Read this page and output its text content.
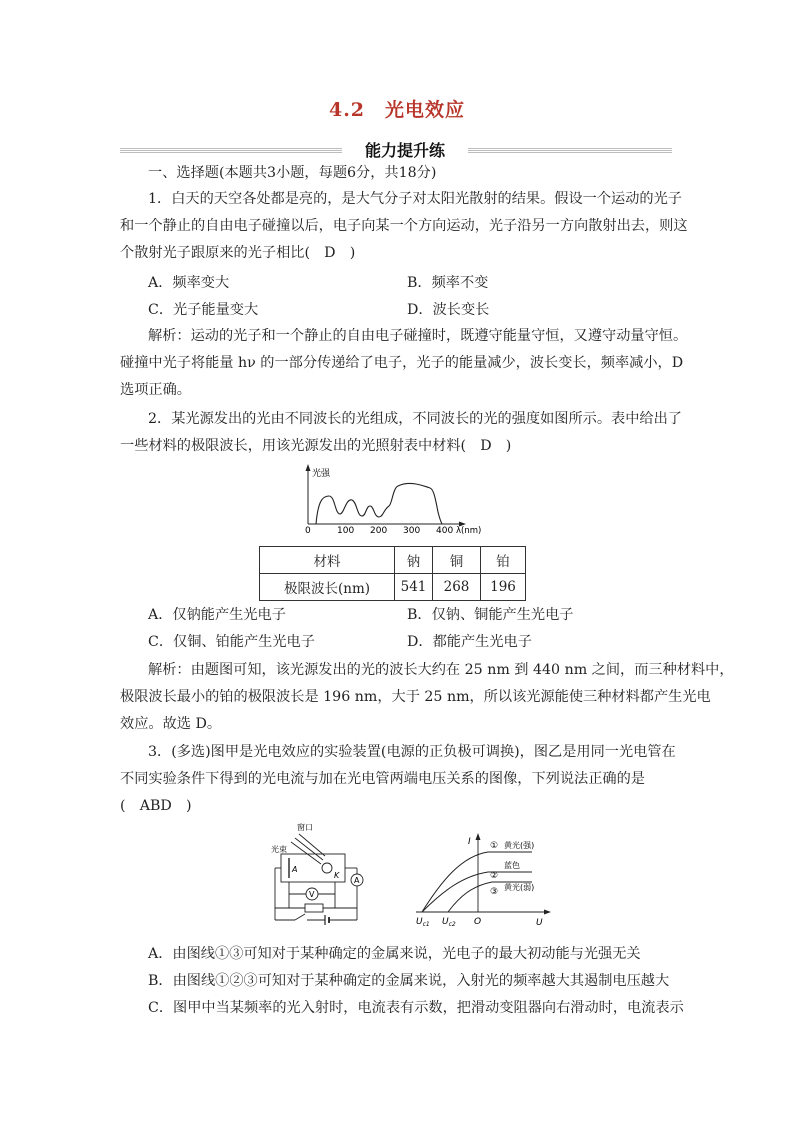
4.2　光电效应
能力提升练
一、选择题(本题共3小题，每题6分，共18分)
1．白天的天空各处都是亮的，是大气分子对太阳光散射的结果。假设一个运动的光子
和一个静止的自由电子碰撞以后，电子向某一个方向运动，光子沿另一方向散射出去，则这
个散射光子跟原来的光子相比(　D　)
A．频率变大	B．频率不变
C．光子能量变大	D．波长变长
解析：运动的光子和一个静止的自由电子碰撞时，既遵守能量守恒，又遵守动量守恒。
碰撞中光子将能量 hν 的一部分传递给了电子，光子的能量减少，波长变长，频率减小，D
选项正确。
2．某光源发出的光由不同波长的光组成，不同波长的光的强度如图所示。表中给出了
一些材料的极限波长，用该光源发出的光照射表中材料(　D　)
光强
λ(nm)
0	100 200 300 400
材料	钠	铜	铂
极限波长(nm)	541	268	196
A．仅钠能产生光电子	B．仅钠、铜能产生光电子
C．仅铜、铂能产生光电子	D．都能产生光电子
解析：由题图可知，该光源发出的光的波长大约在 25 nm 到 440 nm 之间，而三种材料中，
极限波长最小的铂的极限波长是 196 nm，大于 25 nm，所以该光源能使三种材料都产生光电
效应。故选 D。
3．(多选)图甲是光电效应的实验装置(电源的正负极可调换)，图乙是用同一光电管在
不同实验条件下得到的光电流与加在光电管两端电压关系的图像，下列说法正确的是
(　ABD　)
窗口
光束
A
K
A
V
I
U
O
$U_{c1}$ $U_{c2}$
① 黄光(强)
蓝色
②
③ 黄光(弱)
A．由图线①③可知对于某种确定的金属来说，光电子的最大初动能与光强无关
B．由图线①②③可知对于某种确定的金属来说，入射光的频率越大其遏制电压越大
C．图甲中当某频率的光入射时，电流表有示数，把滑动变阻器向右滑动时，电流表示
